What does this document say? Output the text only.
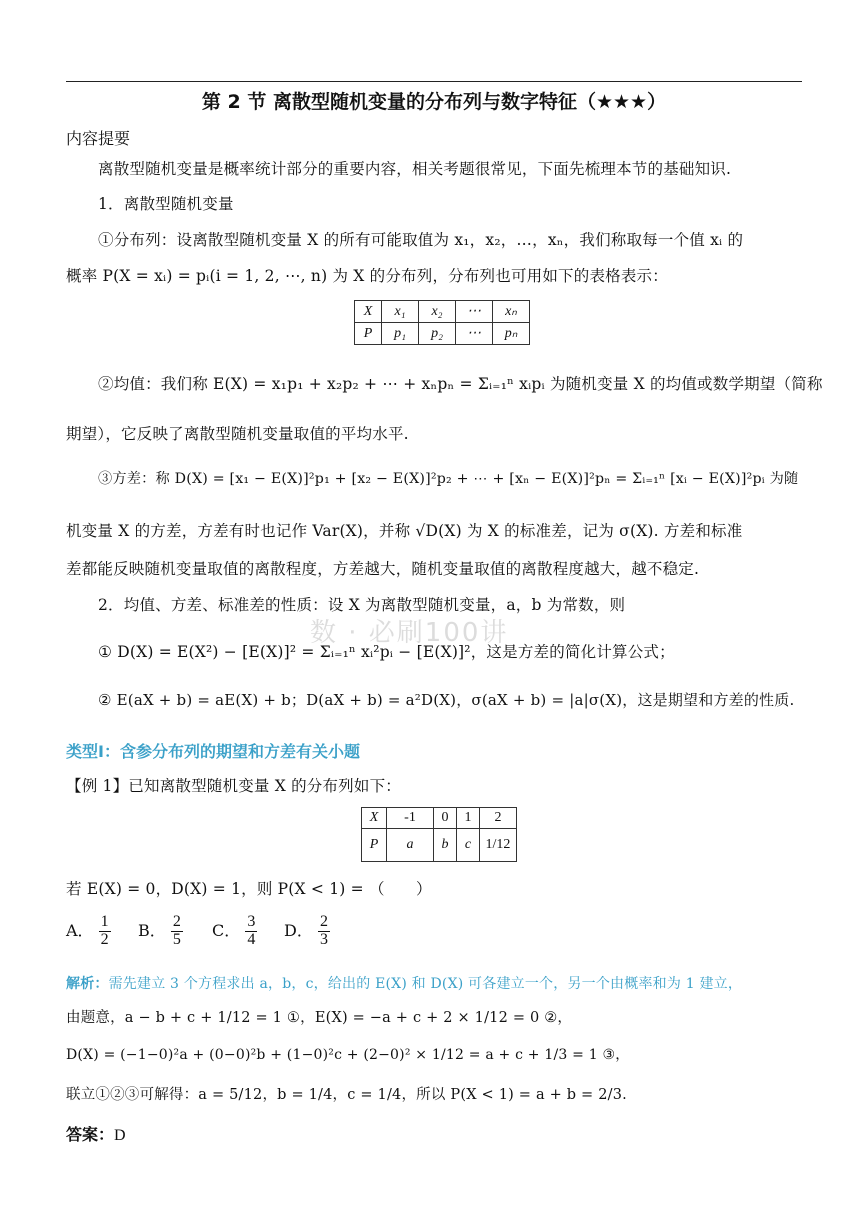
第 2 节 离散型随机变量的分布列与数字特征（★★★）
内容提要
离散型随机变量是概率统计部分的重要内容，相关考题很常见，下面先梳理本节的基础知识.
1．离散型随机变量
①分布列：设离散型随机变量 X 的所有可能取值为 x₁，x₂，…，xₙ，我们称取每一个值 xᵢ 的
概率 P(X = xᵢ) = pᵢ(i = 1, 2, ⋯, n) 为 X 的分布列，分布列也可用如下的表格表示：
X	x₁	x₂	⋯	xₙ
P	p₁	p₂	⋯	pₙ
②均值：我们称 E(X) = x₁p₁ + x₂p₂ + ⋯ + xₙpₙ = Σᵢ₌₁ⁿ xᵢpᵢ 为随机变量 X 的均值或数学期望（简称
期望），它反映了离散型随机变量取值的平均水平.
③方差：称 D(X) = [x₁ − E(X)]²p₁ + [x₂ − E(X)]²p₂ + ⋯ + [xₙ − E(X)]²pₙ = Σᵢ₌₁ⁿ [xᵢ − E(X)]²pᵢ 为随
机变量 X 的方差，方差有时也记作 Var(X)，并称 √D(X) 为 X 的标准差，记为 σ(X). 方差和标准
差都能反映随机变量取值的离散程度，方差越大，随机变量取值的离散程度越大，越不稳定.
2．均值、方差、标准差的性质：设 X 为离散型随机变量，a，b 为常数，则
数 · 必刷100讲
① D(X) = E(X²) − [E(X)]² = Σᵢ₌₁ⁿ xᵢ²pᵢ − [E(X)]²，这是方差的简化计算公式；
② E(aX + b) = aE(X) + b；D(aX + b) = a²D(X)，σ(aX + b) = |a|σ(X)，这是期望和方差的性质.
类型Ⅰ：含参分布列的期望和方差有关小题
【例 1】已知离散型随机变量 X 的分布列如下：
X	-1	0	1	2
P	a	b	c	1/12
若 E(X) = 0，D(X) = 1，则 P(X < 1) = （　　）
A． $\frac{1}{2}$ B． $\frac{2}{5}$ C． $\frac{3}{4}$ D． $\frac{2}{3}$
解析：需先建立 3 个方程求出 a，b，c，给出的 E(X) 和 D(X) 可各建立一个，另一个由概率和为 1 建立，
由题意，a − b + c + 1/12 = 1 ①，E(X) = −a + c + 2 × 1/12 = 0 ②，
D(X) = (−1−0)²a + (0−0)²b + (1−0)²c + (2−0)² × 1/12 = a + c + 1/3 = 1 ③，
联立①②③可解得：a = 5/12，b = 1/4，c = 1/4，所以 P(X < 1) = a + b = 2/3.
答案：D
